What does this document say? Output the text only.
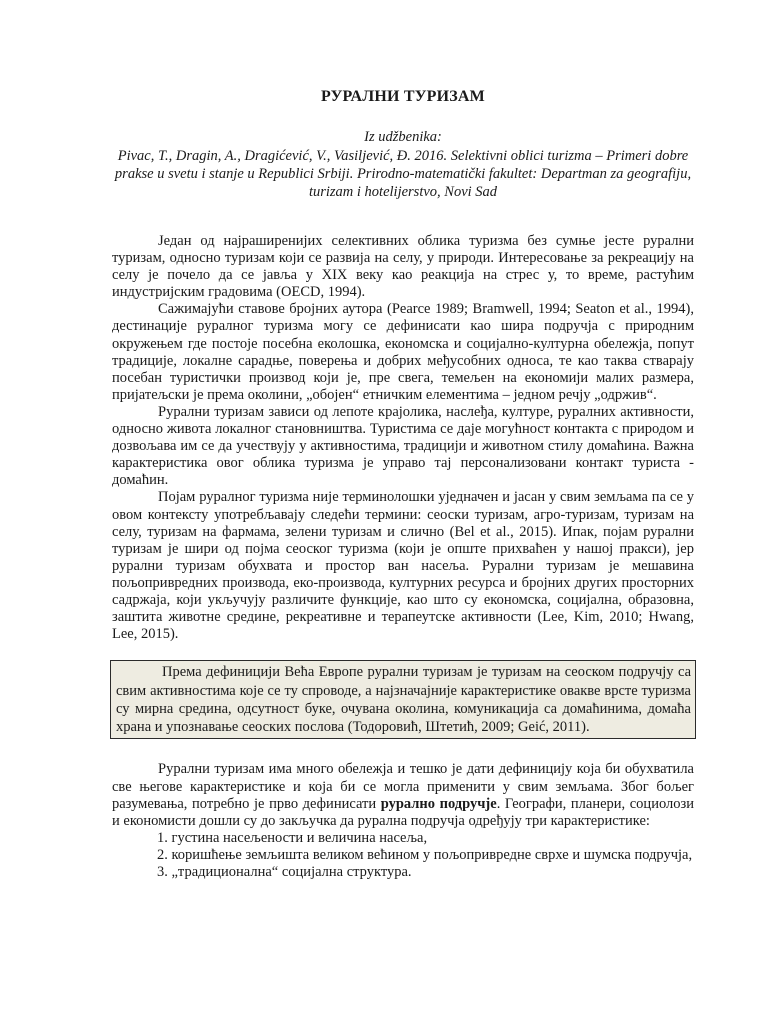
РУРАЛНИ ТУРИЗАМ
Iz udžbenika:
Pivac, T., Dragin, A., Dragićević, V., Vasiljević, Đ. 2016. Selektivni oblici turizma – Primeri dobre prakse u svetu i stanje u Republici Srbiji. Prirodno-matematički fakultet: Departman za geografiju, turizam i hotelijerstvo, Novi Sad

Један од најраширенијих селективних облика туризма без сумње јесте рурални туризам, односно туризам који се развија на селу, у природи. Интересовање за рекреацију на селу је почело да се јавља у XIX веку као реакција на стрес у, то време, растућим индустријским градовима (OECD, 1994).

Сажимајући ставове бројних аутора (Pearce 1989; Bramwell, 1994; Seaton et al., 1994), дестинације руралног туризма могу се дефинисати као шира подручја с природним окружењем где постоје посебна еколошка, економска и социјално-културна обележја, попут традиције, локалне сарадње, поверења и добрих међусобних односа, те као таква стварају посебан туристички производ који је, пре свега, темељен на економији малих размера, пријатељски је према околини, „обојен“ етничким елементима – једном речју „одржив“.

Рурални туризам зависи од лепоте крајолика, наслеђа, културе, руралних активности, односно живота локалног становништва. Туристима се даје могућност контакта с природом и дозвољава им се да учествују у активностима, традицији и животном стилу домаћина. Важна карактеристика овог облика туризма је управо тај персонализовани контакт туриста - домаћин.

Појам руралног туризма није терминолошки уједначен и јасан у свим земљама па се у овом контексту употребљавају следећи термини: сеоски туризам, агро-туризам, туризам на селу, туризам на фармама, зелени туризам и слично (Bel et al., 2015). Ипак, појам рурални туризам је шири од појма сеоског туризма (који је опште прихваћен у нашој пракси), јер рурални туризам обухвата и простор ван насеља. Рурални туризам је мешавина пољопривредних производа, еко-производа, културних ресурса и бројних других просторних садржаја, који укључују различите функције, као што су економска, социјална, образовна, заштита животне средине, рекреативне и терапеутске активности (Lee, Kim, 2010; Hwang, Lee, 2015).

Према дефиницији Већа Европе рурални туризам је туризам на сеоском подручју са свим активностима које се ту спроводе, а најзначајније карактеристике овакве врсте туризма су мирна средина, одсутност буке, очувана околина, комуникација са домаћинима, домаћа храна и упознавање сеоских послова (Тодоровић, Штетић, 2009; Geić, 2011).

Рурални туризам има много обележја и тешко је дати дефиницију која би обухватила све његове карактеристике и која би се могла применити у свим земљама. Због бољег разумевања, потребно је прво дефинисати рурално подручје. Географи, планери, социолози и економисти дошли су до закључка да рурална подручја одређују три карактеристике:

1. густина насељености и величина насеља,
2. коришћење земљишта великом већином у пољопривредне сврхе и шумска подручја,
3. „традиционална“ социјална структура.
